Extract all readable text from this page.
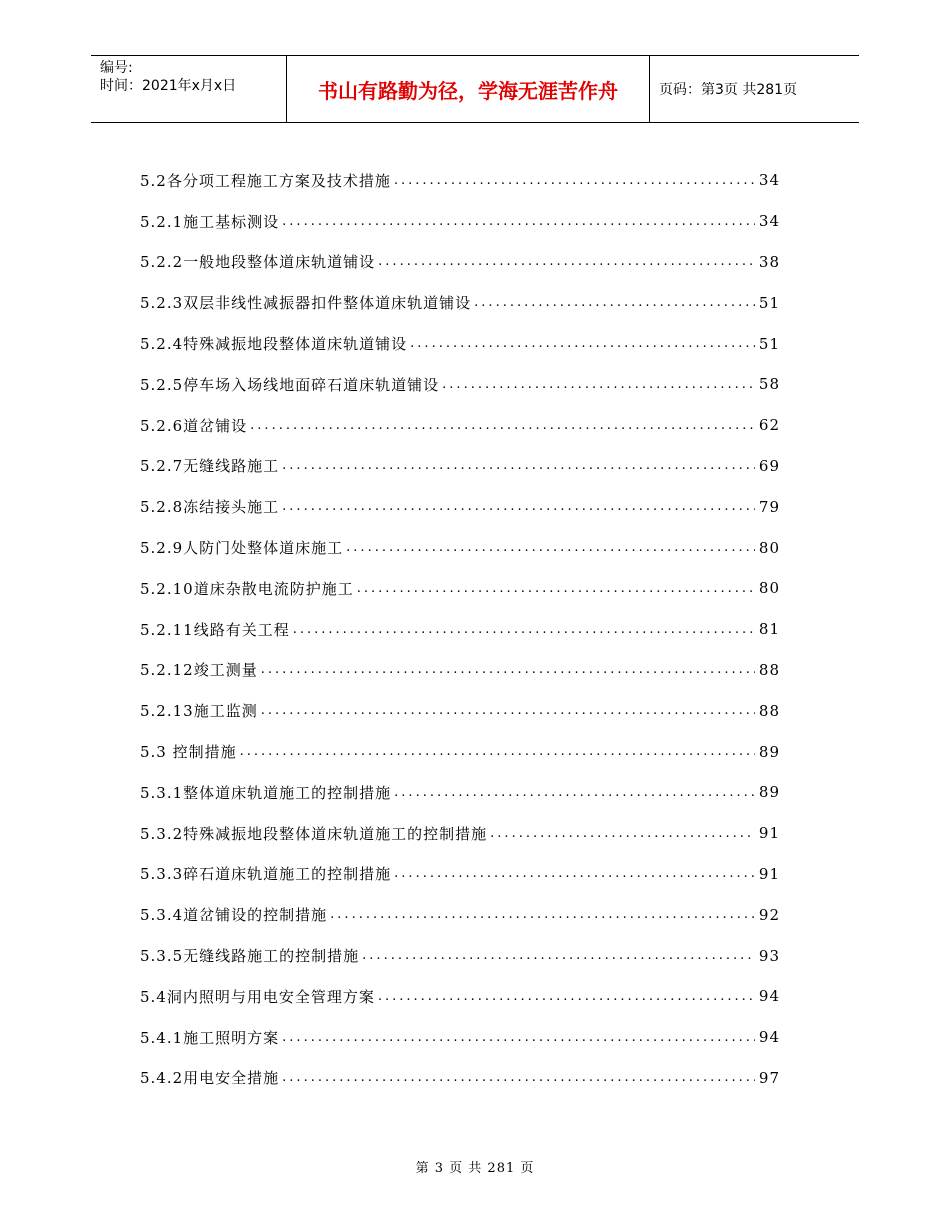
编号:
时间：2021年x月x日	书山有路勤为径，学海无涯苦作舟	页码：第3页 共281页
5.2各分项工程施工方案及技术措施 .....	34
5.2.1施工基标测设 .....	34
5.2.2一般地段整体道床轨道铺设 .....	38
5.2.3双层非线性减振器扣件整体道床轨道铺设 .....	51
5.2.4特殊减振地段整体道床轨道铺设 .....	51
5.2.5停车场入场线地面碎石道床轨道铺设 .....	58
5.2.6道岔铺设 .....	62
5.2.7无缝线路施工 .....	69
5.2.8冻结接头施工 .....	79
5.2.9人防门处整体道床施工 .....	80
5.2.10道床杂散电流防护施工 .....	80
5.2.11线路有关工程 .....	81
5.2.12竣工测量 .....	88
5.2.13施工监测 .....	88
5.3 控制措施 .....	89
5.3.1整体道床轨道施工的控制措施 .....	89
5.3.2特殊减振地段整体道床轨道施工的控制措施 .....	91
5.3.3碎石道床轨道施工的控制措施 .....	91
5.3.4道岔铺设的控制措施 .....	92
5.3.5无缝线路施工的控制措施 .....	93
5.4洞内照明与用电安全管理方案 .....	94
5.4.1施工照明方案 .....	94
5.4.2用电安全措施 .....	97
第 3 页 共 281 页
